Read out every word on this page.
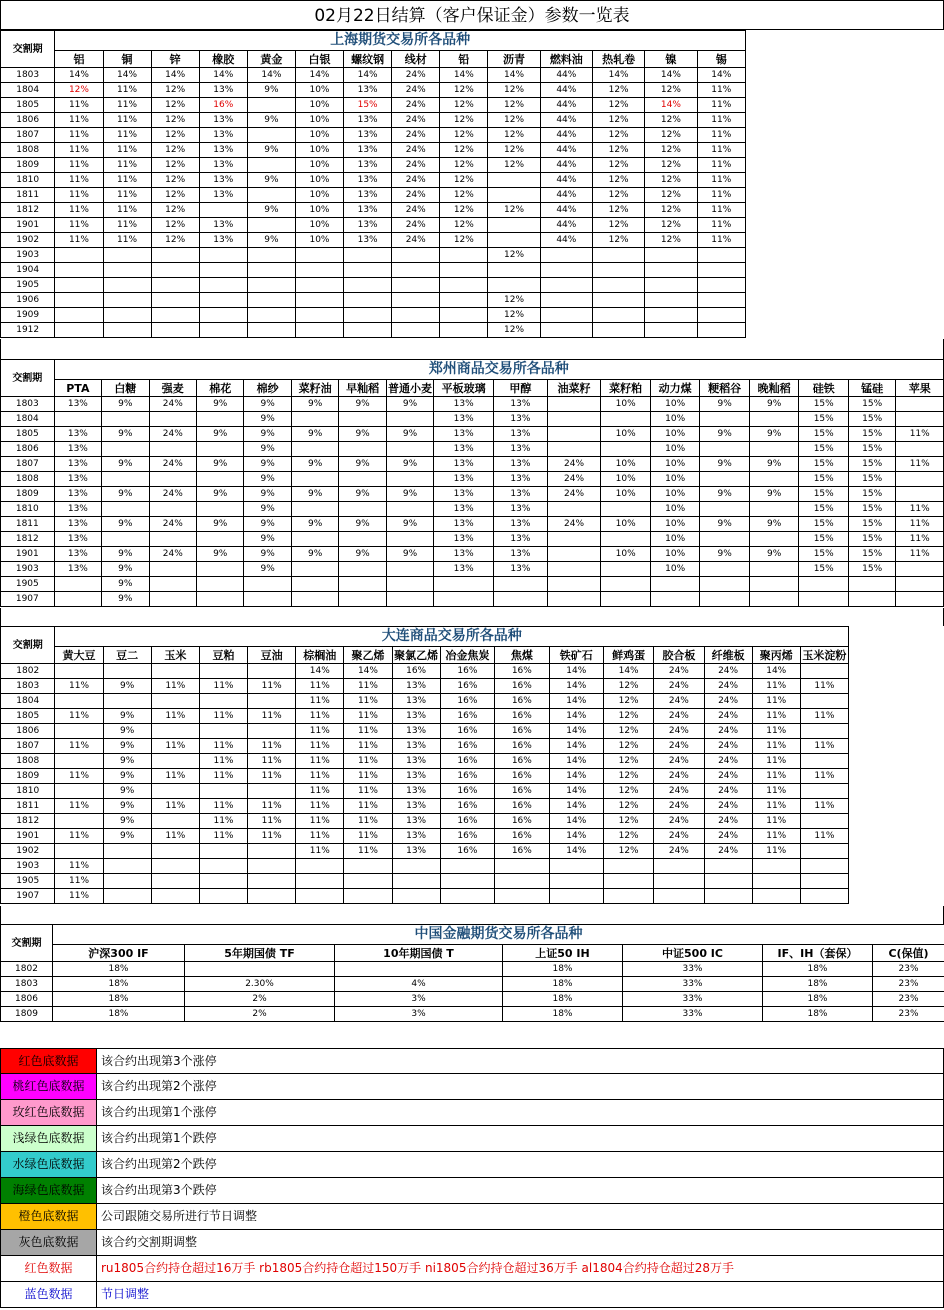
02月22日结算（客户保证金）参数一览表
交割期	上海期货交易所各品种													
	铝	铜	锌	橡胶	黄金	白银	螺纹钢	线材	铅	沥青	燃料油	热轧卷	镍	锡
1803	14%	14%	14%	14%	14%	14%	14%	24%	14%	14%	44%	14%	14%	14%
1804	12%	11%	12%	13%	9%	10%	13%	24%	12%	12%	44%	12%	12%	11%
1805	11%	11%	12%	16%		10%	15%	24%	12%	12%	44%	12%	14%	11%
1806	11%	11%	12%	13%	9%	10%	13%	24%	12%	12%	44%	12%	12%	11%
1807	11%	11%	12%	13%		10%	13%	24%	12%	12%	44%	12%	12%	11%
1808	11%	11%	12%	13%	9%	10%	13%	24%	12%	12%	44%	12%	12%	11%
1809	11%	11%	12%	13%		10%	13%	24%	12%	12%	44%	12%	12%	11%
1810	11%	11%	12%	13%	9%	10%	13%	24%	12%		44%	12%	12%	11%
1811	11%	11%	12%	13%		10%	13%	24%	12%		44%	12%	12%	11%
1812	11%	11%	12%		9%	10%	13%	24%	12%	12%	44%	12%	12%	11%
1901	11%	11%	12%	13%		10%	13%	24%	12%		44%	12%	12%	11%
1902	11%	11%	12%	13%	9%	10%	13%	24%	12%		44%	12%	12%	11%
1903										12%				
1904														
1905														
1906										12%				
1909										12%				
1912										12%				
交割期	郑州商品交易所各品种																	
	PTA	白糖	强麦	棉花	棉纱	菜籽油	早籼稻	普通小麦	平板玻璃	甲醇	油菜籽	菜籽粕	动力煤	粳稻谷	晚籼稻	硅铁	锰硅	苹果
1803	13%	9%	24%	9%	9%	9%	9%	9%	13%	13%		10%	10%	9%	9%	15%	15%	
1804					9%				13%	13%			10%			15%	15%	
1805	13%	9%	24%	9%	9%	9%	9%	9%	13%	13%		10%	10%	9%	9%	15%	15%	11%
1806	13%				9%				13%	13%			10%			15%	15%	
1807	13%	9%	24%	9%	9%	9%	9%	9%	13%	13%	24%	10%	10%	9%	9%	15%	15%	11%
1808	13%				9%				13%	13%	24%	10%	10%			15%	15%	
1809	13%	9%	24%	9%	9%	9%	9%	9%	13%	13%	24%	10%	10%	9%	9%	15%	15%	
1810	13%				9%				13%	13%			10%			15%	15%	11%
1811	13%	9%	24%	9%	9%	9%	9%	9%	13%	13%	24%	10%	10%	9%	9%	15%	15%	11%
1812	13%				9%				13%	13%			10%			15%	15%	11%
1901	13%	9%	24%	9%	9%	9%	9%	9%	13%	13%		10%	10%	9%	9%	15%	15%	11%
1903	13%	9%			9%				13%	13%			10%			15%	15%	
1905		9%																
1907		9%																
交割期	大连商品交易所各品种															
	黄大豆	豆二	玉米	豆粕	豆油	棕榈油	聚乙烯	聚氯乙烯	冶金焦炭	焦煤	铁矿石	鲜鸡蛋	胶合板	纤维板	聚丙烯	玉米淀粉
1802						14%	14%	16%	16%	16%	14%	14%	24%	24%	14%	
1803	11%	9%	11%	11%	11%	11%	11%	13%	16%	16%	14%	12%	24%	24%	11%	11%
1804						11%	11%	13%	16%	16%	14%	12%	24%	24%	11%	
1805	11%	9%	11%	11%	11%	11%	11%	13%	16%	16%	14%	12%	24%	24%	11%	11%
1806		9%				11%	11%	13%	16%	16%	14%	12%	24%	24%	11%	
1807	11%	9%	11%	11%	11%	11%	11%	13%	16%	16%	14%	12%	24%	24%	11%	11%
1808		9%		11%	11%	11%	11%	13%	16%	16%	14%	12%	24%	24%	11%	
1809	11%	9%	11%	11%	11%	11%	11%	13%	16%	16%	14%	12%	24%	24%	11%	11%
1810		9%				11%	11%	13%	16%	16%	14%	12%	24%	24%	11%	
1811	11%	9%	11%	11%	11%	11%	11%	13%	16%	16%	14%	12%	24%	24%	11%	11%
1812		9%		11%	11%	11%	11%	13%	16%	16%	14%	12%	24%	24%	11%	
1901	11%	9%	11%	11%	11%	11%	11%	13%	16%	16%	14%	12%	24%	24%	11%	11%
1902						11%	11%	13%	16%	16%	14%	12%	24%	24%	11%	
1903	11%															
1905	11%															
1907	11%															
交割期	中国金融期货交易所各品种						
	沪深300 IF	5年期国债 TF	10年期国债 T	上证50 IH	中证500 IC	IF、IH（套保）	C(保值)
1802	18%			18%	33%	18%	23%
1803	18%	2.30%	4%	18%	33%	18%	23%
1806	18%	2%	3%	18%	33%	18%	23%
1809	18%	2%	3%	18%	33%	18%	23%
红色底数据	该合约出现第3个涨停
桃红色底数据	该合约出现第2个涨停
玫红色底数据	该合约出现第1个涨停
浅绿色底数据	该合约出现第1个跌停
水绿色底数据	该合约出现第2个跌停
海绿色底数据	该合约出现第3个跌停
橙色底数据	公司跟随交易所进行节日调整
灰色底数据	该合约交割期调整
红色数据	ru1805合约持仓超过16万手 rb1805合约持仓超过150万手 ni1805合约持仓超过36万手 al1804合约持仓超过28万手
蓝色数据	节日调整
